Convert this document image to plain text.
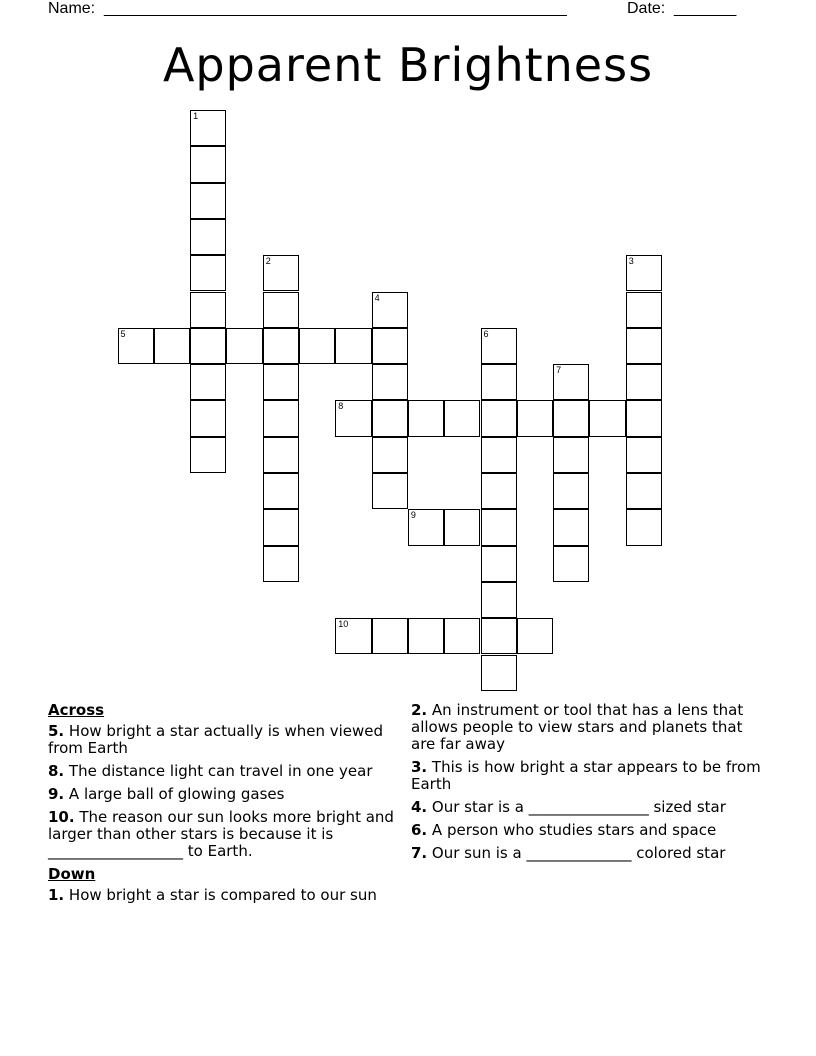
Name: ____________________________________________________	Date: _______
Apparent Brightness
1
2	3
4
5	6
7
8
9
10
Across
5. How bright a star actually is when viewed from Earth
8. The distance light can travel in one year
9. A large ball of glowing gases
10. The reason our sun looks more bright and larger than other stars is because it is __________________ to Earth.
Down
1. How bright a star is compared to our sun
2. An instrument or tool that has a lens that allows people to view stars and planets that are far away
3. This is how bright a star appears to be from Earth
4. Our star is a ________________ sized star
6. A person who studies stars and space
7. Our sun is a ______________ colored star
